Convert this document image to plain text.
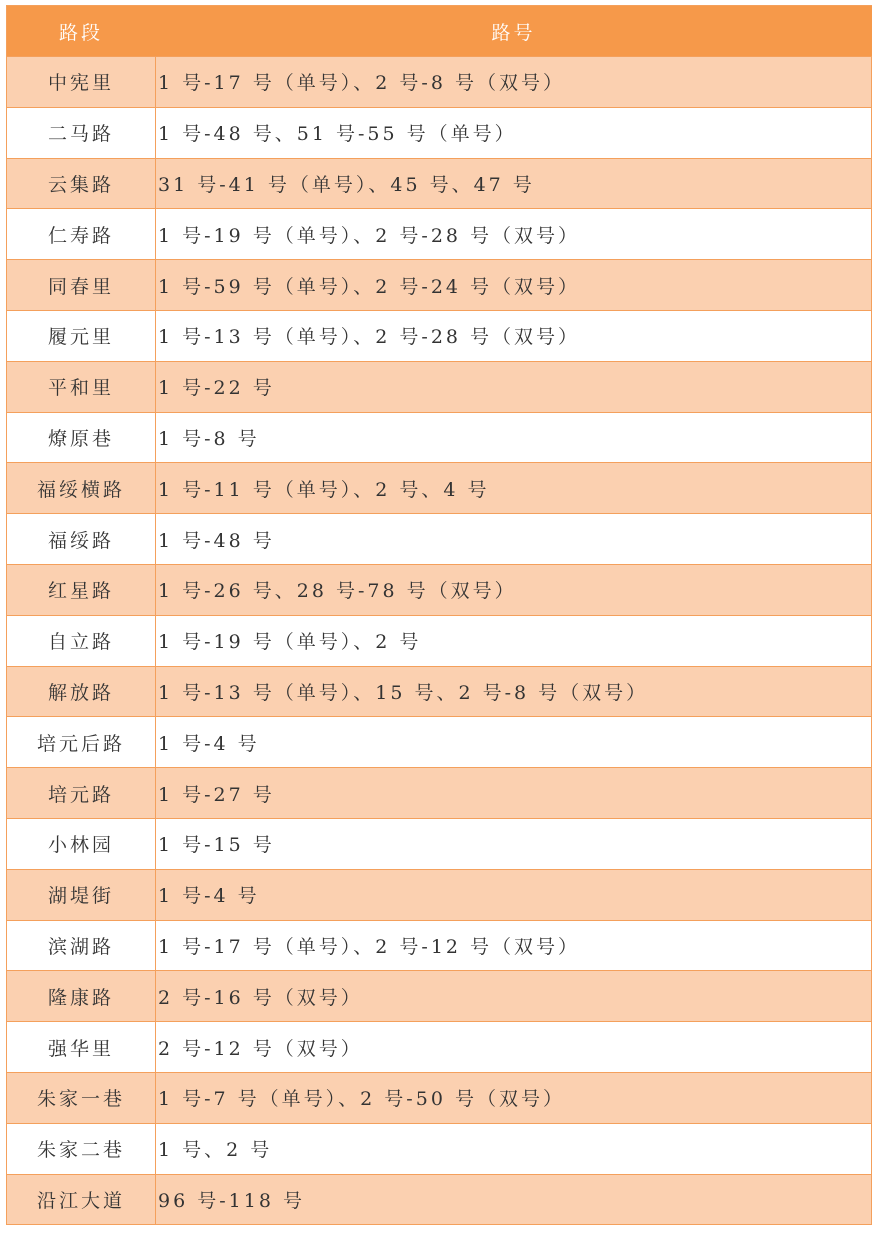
路段	路号
中宪里	1 号-17 号（单号）、2 号-8 号（双号）
二马路	1 号-48 号、51 号-55 号（单号）
云集路	31 号-41 号（单号）、45 号、47 号
仁寿路	1 号-19 号（单号）、2 号-28 号（双号）
同春里	1 号-59 号（单号）、2 号-24 号（双号）
履元里	1 号-13 号（单号）、2 号-28 号（双号）
平和里	1 号-22 号
燎原巷	1 号-8 号
福绥横路	1 号-11 号（单号）、2 号、4 号
福绥路	1 号-48 号
红星路	1 号-26 号、28 号-78 号（双号）
自立路	1 号-19 号（单号）、2 号
解放路	1 号-13 号（单号）、15 号、2 号-8 号（双号）
培元后路	1 号-4 号
培元路	1 号-27 号
小林园	1 号-15 号
湖堤街	1 号-4 号
滨湖路	1 号-17 号（单号）、2 号-12 号（双号）
隆康路	2 号-16 号（双号）
强华里	2 号-12 号（双号）
朱家一巷	1 号-7 号（单号）、2 号-50 号（双号）
朱家二巷	1 号、2 号
沿江大道	96 号-118 号
